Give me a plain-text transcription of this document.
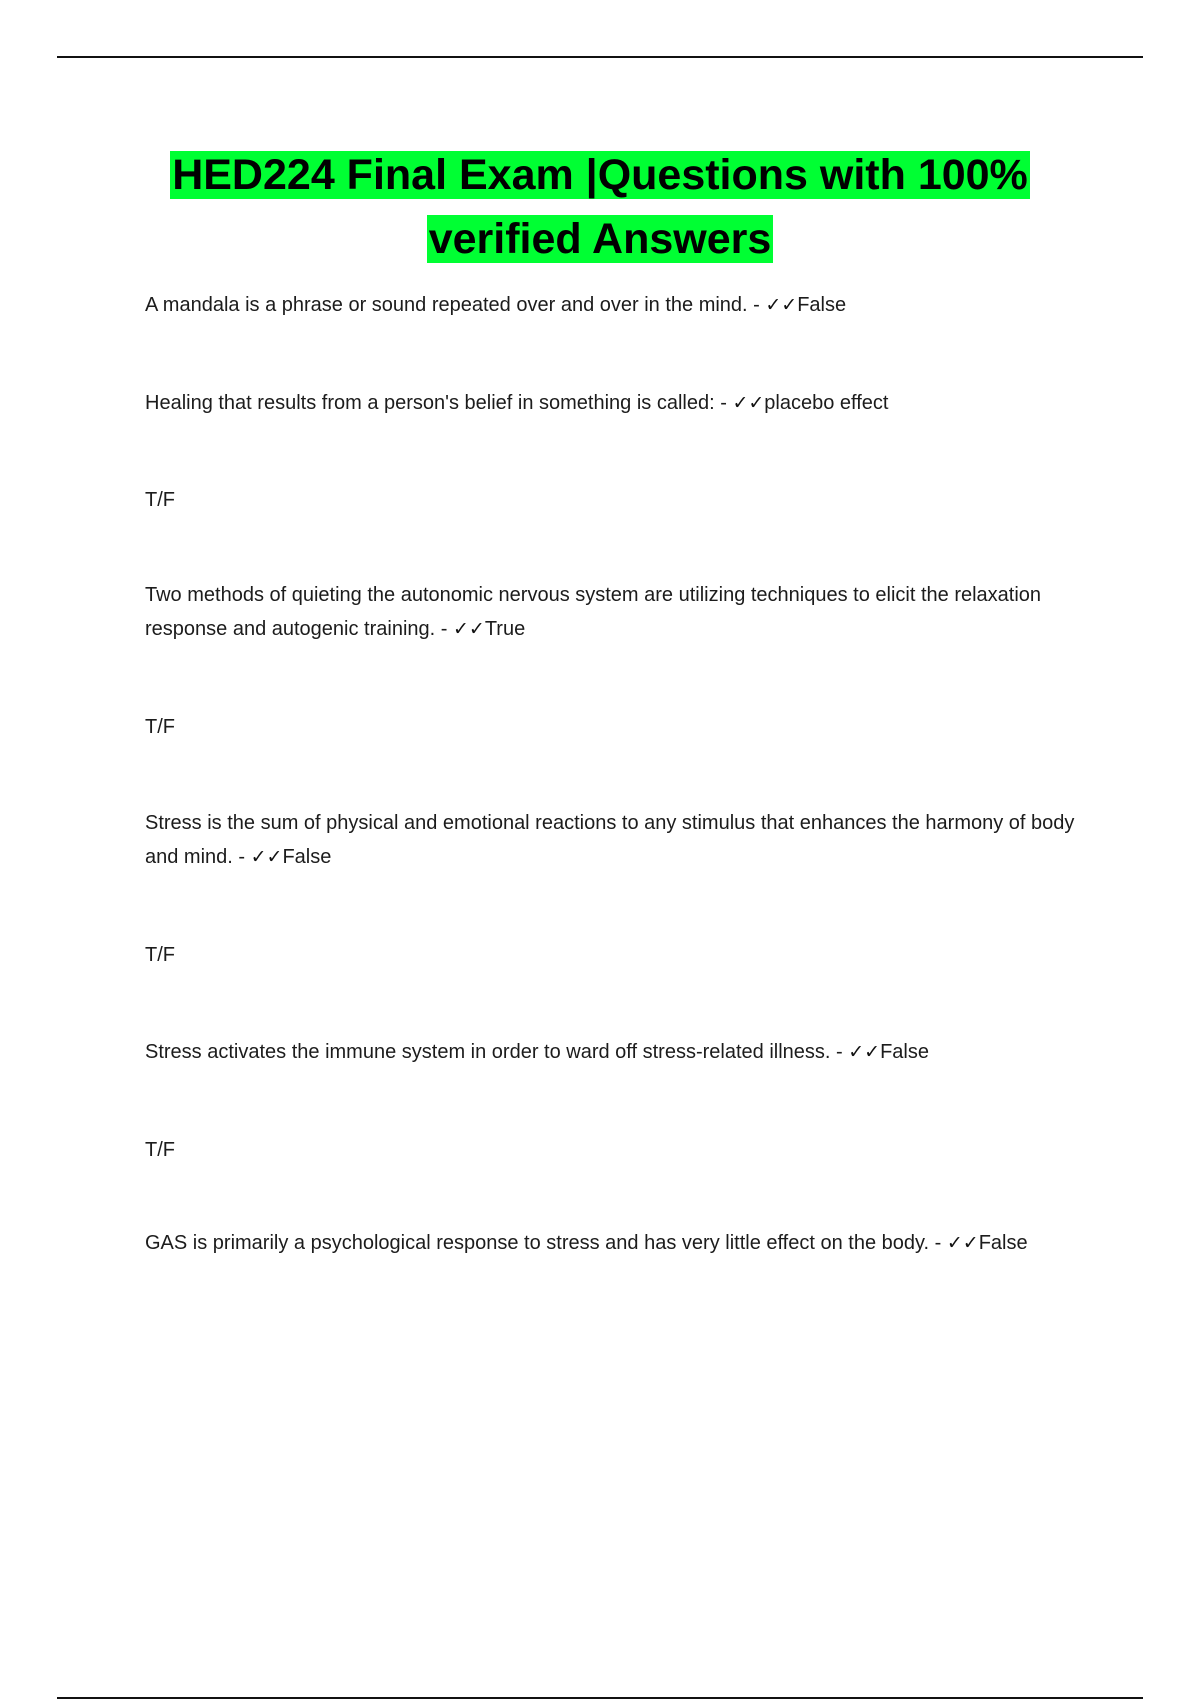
HED224 Final Exam |Questions with 100%
verified Answers

A mandala is a phrase or sound repeated over and over in the mind. - ✓✓False

Healing that results from a person's belief in something is called: - ✓✓placebo effect

T/F

Two methods of quieting the autonomic nervous system are utilizing techniques to elicit the relaxation response and autogenic training. - ✓✓True

T/F

Stress is the sum of physical and emotional reactions to any stimulus that enhances the harmony of body and mind. - ✓✓False

T/F

Stress activates the immune system in order to ward off stress-related illness. - ✓✓False

T/F

GAS is primarily a psychological response to stress and has very little effect on the body. - ✓✓False
